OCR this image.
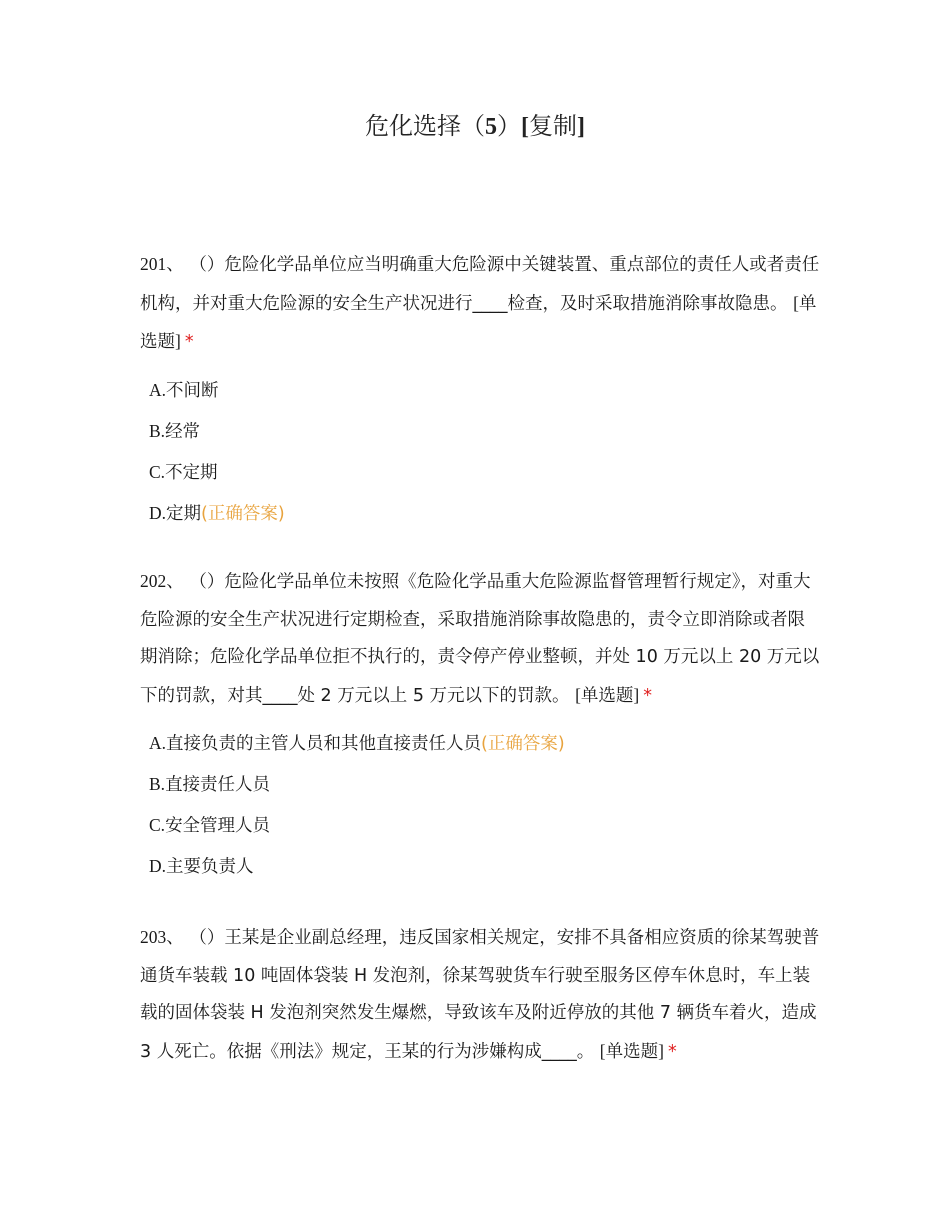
危化选择（5）[复制]

201、 （）危险化学品单位应当明确重大危险源中关键装置、重点部位的责任人或者责任机构，并对重大危险源的安全生产状况进行____检查，及时采取措施消除事故隐患。 [单选题] *

A.不间断
B.经常
C.不定期
D.定期(正确答案)

202、 （）危险化学品单位未按照《危险化学品重大危险源监督管理暂行规定》，对重大危险源的安全生产状况进行定期检查，采取措施消除事故隐患的，责令立即消除或者限期消除；危险化学品单位拒不执行的，责令停产停业整顿，并处 10 万元以上 20 万元以下的罚款，对其____处 2 万元以上 5 万元以下的罚款。 [单选题] *

A.直接负责的主管人员和其他直接责任人员(正确答案)
B.直接责任人员
C.安全管理人员
D.主要负责人

203、 （）王某是企业副总经理，违反国家相关规定，安排不具备相应资质的徐某驾驶普通货车装载 10 吨固体袋装 H 发泡剂，徐某驾驶货车行驶至服务区停车休息时，车上装载的固体袋装 H 发泡剂突然发生爆燃，导致该车及附近停放的其他 7 辆货车着火，造成 3 人死亡。依据《刑法》规定，王某的行为涉嫌构成____。 [单选题] *
